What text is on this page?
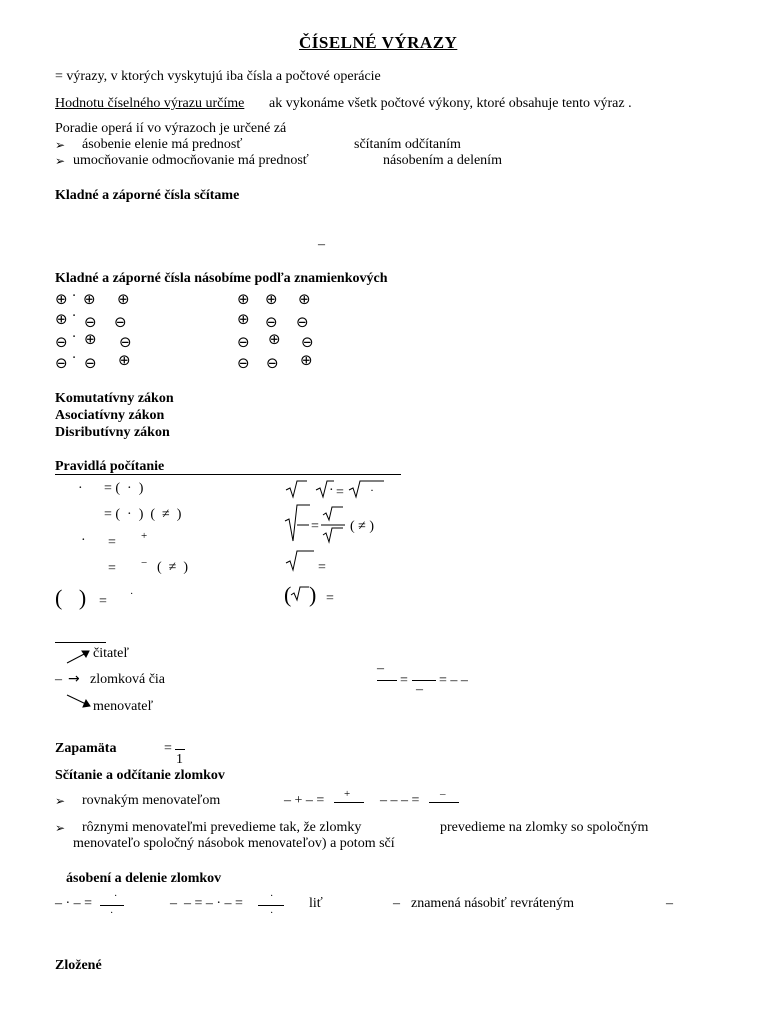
ČÍSELNÉ VÝRAZY
= výrazy, v ktorých vyskytujú iba čísla a počtové operácie
Hodnotu číselného výrazu určíme ak vykonáme všetk počtové výkony, ktoré obsahuje tento výraz .
Poradie operá ií vo výrazoch je určené zá
➢ ásobenie elenie má prednosť	sčítaním odčítaním
➢ umocňovanie odmocňovanie má prednosť	násobením a delením
Kladné a záporné čísla sčítame
–
Kladné a záporné čísla násobíme podľa znamienkových
⊕ · ⊕ ⊕	⊕ ⊕ ⊕
⊕ · ⊖ ⊖	⊕ ⊖ ⊖
⊖ · ⊕ ⊖	⊖ ⊕ ⊖
⊖ · ⊖ ⊕	⊖ ⊖ ⊕
Komutatívny zákon
Asociatívny zákon
Disributívny zákon
Pravidlá počítanie
· = (  ·  )
= (  ·  )  (  ≠  )
· = +
= − (  ≠  )
(   ) = ·
čitateľ
– → zlomková čia
menovateľ
–
=
–
= – –
Zapamäta	=
1
Sčítanie a odčítanie zlomkov
➢ rovnakým menovateľom	– + – = + – – – = –
➢ rôznymi menovateľmi prevedieme tak, že zlomky	prevedieme na zlomky so spoločným
menovateľo spoločný násobok menovateľov) a potom sčí
ásobení a delenie zlomkov
– · – = ·
·
–  – = – · – =	·
·
liť	– znamená násobiť revráteným	–
Zložené
· = ·
= ( ≠ )
=
( ) =
